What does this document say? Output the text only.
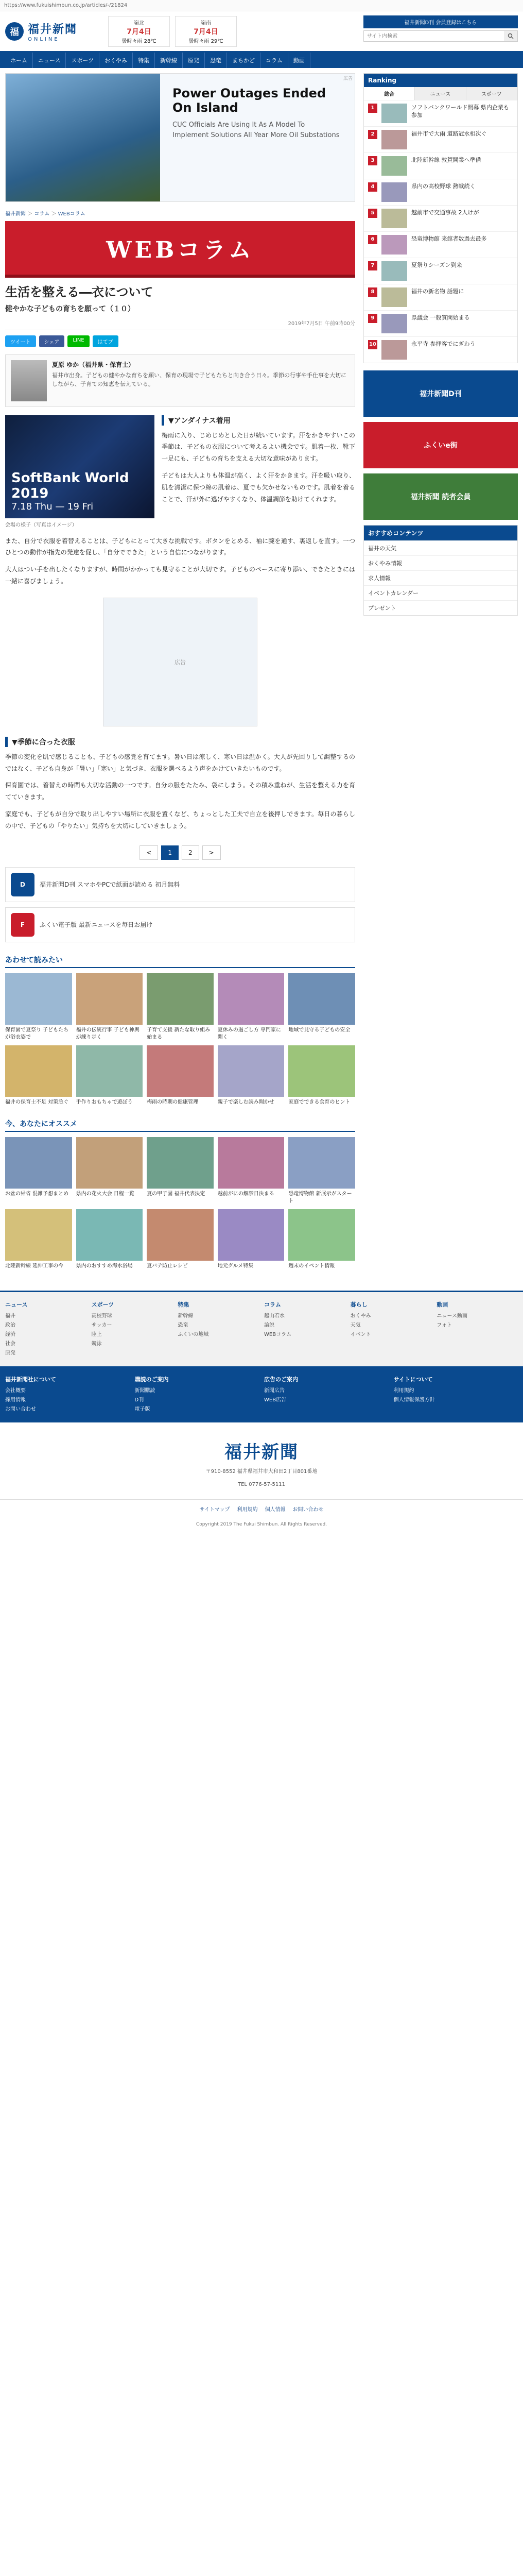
https://www.fukuishimbun.co.jp/articles/-/21824
福 福井新聞
ONLINE
嶺北
7月4日
曇時々雨 28℃
嶺南
7月4日
曇時々雨 29℃
福井新聞D刊 会員登録はこちら
サイト内検索
ホーム	ニュース	スポーツ	おくやみ	特集	新幹線	原発	恐竜	まちかど	コラム	動画
広告
Power Outages Ended On Island
CUC Officials Are Using It As A Model To Implement Solutions All Year More Oil Substations
福井新聞 ＞ コラム ＞ WEBコラム
WEBコラム
生活を整える―衣について
健やかな子どもの育ちを願って（１０）
2019年7月5日 午前9時00分
ツイート	シェア	LINE	はてブ
夏原 ゆか（福井県・保育士）
福井市出身。子どもの健やかな育ちを願い、保育の現場で子どもたちと向き合う日々。季節の行事や手仕事を大切にしながら、子育ての知恵を伝えている。
SoftBank World 2019
7.18 Thu — 19 Fri
会場の様子（写真はイメージ）
▼アンダイナス着用

梅雨に入り、じめじめとした日が続いています。汗をかきやすいこの季節は、子どもの衣服について考えるよい機会です。肌着一枚、靴下一足にも、子どもの育ちを支える大切な意味があります。

子どもは大人よりも体温が高く、よく汗をかきます。汗を吸い取り、肌を清潔に保つ綿の肌着は、夏でも欠かせないものです。肌着を着ることで、汗が外に逃げやすくなり、体温調節を助けてくれます。

また、自分で衣服を着替えることは、子どもにとって大きな挑戦です。ボタンをとめる、袖に腕を通す、裏返しを直す。一つひとつの動作が指先の発達を促し、「自分でできた」という自信につながります。

大人はつい手を出したくなりますが、時間がかかっても見守ることが大切です。子どものペースに寄り添い、できたときには一緒に喜びましょう。

広告
▼季節に合った衣服

季節の変化を肌で感じることも、子どもの感覚を育てます。暑い日は涼しく、寒い日は温かく。大人が先回りして調整するのではなく、子ども自身が「暑い」「寒い」と気づき、衣服を選べるよう声をかけていきたいものです。

保育園では、着替えの時間も大切な活動の一つです。自分の服をたたみ、袋にしまう。その積み重ねが、生活を整える力を育てていきます。

家庭でも、子どもが自分で取り出しやすい場所に衣服を置くなど、ちょっとした工夫で自立を後押しできます。毎日の暮らしの中で、子どもの「やりたい」気持ちを大切にしていきましょう。

<	1	2	>
D	福井新聞D刊 スマホやPCで紙面が読める 初月無料
F	ふくい電子版 最新ニュースを毎日お届け
あわせて読みたい
保育園で夏祭り 子どもたちが浴衣姿で
福井の伝統行事 子ども神輿が練り歩く
子育て支援 新たな取り組み始まる
夏休みの過ごし方 専門家に聞く
地域で見守る子どもの安全
福井の保育士不足 対策急ぐ	手作りおもちゃで遊ぼう	梅雨の時期の健康管理	親子で楽しむ読み聞かせ	家庭でできる食育のヒント
今、あなたにオススメ
お盆の帰省 混雑予想まとめ	県内の花火大会 日程一覧	夏の甲子園 福井代表決定	越前がにの解禁日決まる	恐竜博物館 新展示がスタート
北陸新幹線 延伸工事の今	県内のおすすめ海水浴場	夏バテ防止レシピ	地元グルメ特集	週末のイベント情報
Ranking
総合	ニュース	スポーツ
1	ソフトバンクワールド開幕 県内企業も参加
2	福井市で大雨 道路冠水相次ぐ
3	北陸新幹線 敦賀開業へ準備
4	県内の高校野球 熱戦続く
5	越前市で交通事故 2人けが
6	恐竜博物館 来館者数過去最多
7	夏祭りシーズン到来
8	福井の新名物 話題に
9	県議会 一般質問始まる
10	永平寺 参拝客でにぎわう
福井新聞D刊
ふくいe街
福井新聞 読者会員
おすすめコンテンツ
福井の天気
おくやみ情報
求人情報
イベントカレンダー
プレゼント
ニュース
福井
政治
経済
社会
原発
スポーツ
高校野球
サッカー
陸上
競泳
特集
新幹線
恐竜
ふくいの地域
コラム
越山若水
論説
WEBコラム
暮らし
おくやみ
天気
イベント
動画
ニュース動画
フォト
福井新聞社について
会社概要
採用情報
お問い合わせ
購読のご案内
新聞購読
D刊
電子版
広告のご案内
新聞広告
WEB広告
サイトについて
利用規約
個人情報保護方針
福井新聞
〒910-8552 福井県福井市大和田2丁目801番地
TEL 0776-57-5111
サイトマップ 利用規約 個人情報 お問い合わせ
Copyright 2019 The Fukui Shimbun. All Rights Reserved.
